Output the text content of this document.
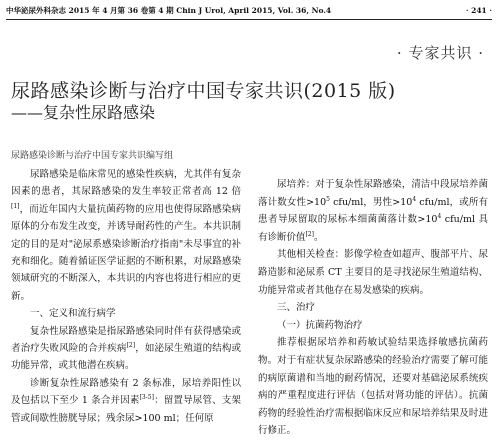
中华泌尿外科杂志 2015 年 4 月第 36 卷第 4 期 Chin J Urol, April 2015, Vol. 36, No.4	· 241 ·
· 专家共识 ·
尿路感染诊断与治疗中国专家共识(2015 版)
——复杂性尿路感染
尿路感染诊断与治疗中国专家共识编写组

尿路感染是临床常见的感染性疾病，尤其伴有复杂因素的患者，其尿路感染的发生率较正常者高 12 倍[1]，而近年国内大量抗菌药物的应用也使得尿路感染病原体的分布发生改变，并诱导耐药性的产生。本共识制定的目的是对"泌尿系感染诊断治疗指南"未尽事宜的补充和细化。随着循证医学证据的不断积累，对尿路感染领域研究的不断深入，本共识的内容也将进行相应的更新。

一、定义和流行病学

复杂性尿路感染是指尿路感染同时伴有获得感染或者治疗失败风险的合并疾病[2]，如泌尿生殖道的结构或功能异常，或其他潜在疾病。

诊断复杂性尿路感染有 2 条标准，尿培养阳性以及包括以下至少 1 条合并因素[3-5]：留置导尿管、支架管或间歇性膀胱导尿；残余尿>100 ml；任何原

尿培养：对于复杂性尿路感染，清洁中段尿培养菌落计数女性$>10^5$ cfu/ml，男性$>10^4$ cfu/ml，或所有患者导尿留取的尿标本细菌菌落计数$>10^4$ cfu/ml 具有诊断价值[2]。

其他相关检查：影像学检查如超声、腹部平片、尿路造影和泌尿系 CT 主要目的是寻找泌尿生殖道结构、功能异常或者其他存在易发感染的疾病。

三、治疗

（一）抗菌药物治疗

推荐根据尿培养和药敏试验结果选择敏感抗菌药物。对于有症状复杂尿路感染的经验治疗需要了解可能的病原菌谱和当地的耐药情况，还要对基础泌尿系统疾病的严重程度进行评估（包括对肾功能的评估）。抗菌药物的经验性治疗需根据临床反应和尿培养结果及时进行修正。
